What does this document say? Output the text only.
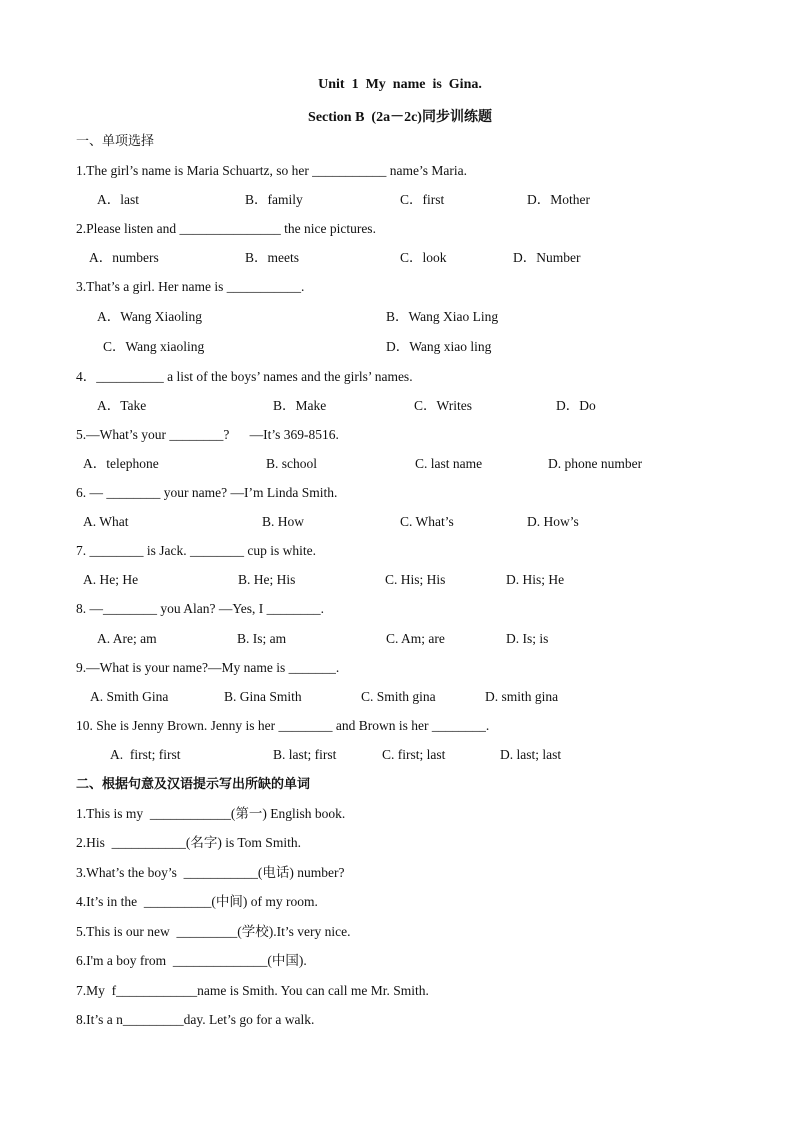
Unit  1  My  name  is  Gina.
Section B  (2a－2c)同步训练题
一、单项选择
1.The girl’s name is Maria Schuartz, so her ___________ name’s Maria.
A．last	B．family	C．first	D．Mother
2.Please listen and _______________ the nice pictures.
A．numbers	B．meets	C．look	D．Number
3.That’s a girl. Her name is ___________.
A．Wang Xiaoling	B．Wang Xiao Ling
C．Wang xiaoling	D．Wang xiao ling
4．__________ a list of the boys’ names and the girls’ names.
A．Take	B．Make	C．Writes	D．Do
5.—What’s your ________?      —It’s 369-8516.
A．telephone	B. school	C. last name	D. phone number
6. — ________ your name? —I’m Linda Smith.
A. What	B. How	C. What’s	D. How’s
7. ________ is Jack. ________ cup is white.
A. He; He	B. He; His	C. His; His	D. His; He
8. —________ you Alan? —Yes, I ________.
A. Are; am	B. Is; am	C. Am; are	D. Is; is
9.—What is your name?—My name is _______.
A. Smith Gina	B. Gina Smith	C. Smith gina	D. smith gina
10. She is Jenny Brown. Jenny is her ________ and Brown is her ________.
A.  first; first	B. last; first	C. first; last	D. last; last
二、根据句意及汉语提示写出所缺的单词
1.This is my  ____________(第一) English book.
2.His  ___________(名字) is Tom Smith.
3.What’s the boy’s  ___________(电话) number?
4.It’s in the  __________(中间) of my room.
5.This is our new  _________(学校).It’s very nice.
6.I'm a boy from  ______________(中国).
7.My  f____________name is Smith. You can call me Mr. Smith.
8.It’s a n_________day. Let’s go for a walk.
